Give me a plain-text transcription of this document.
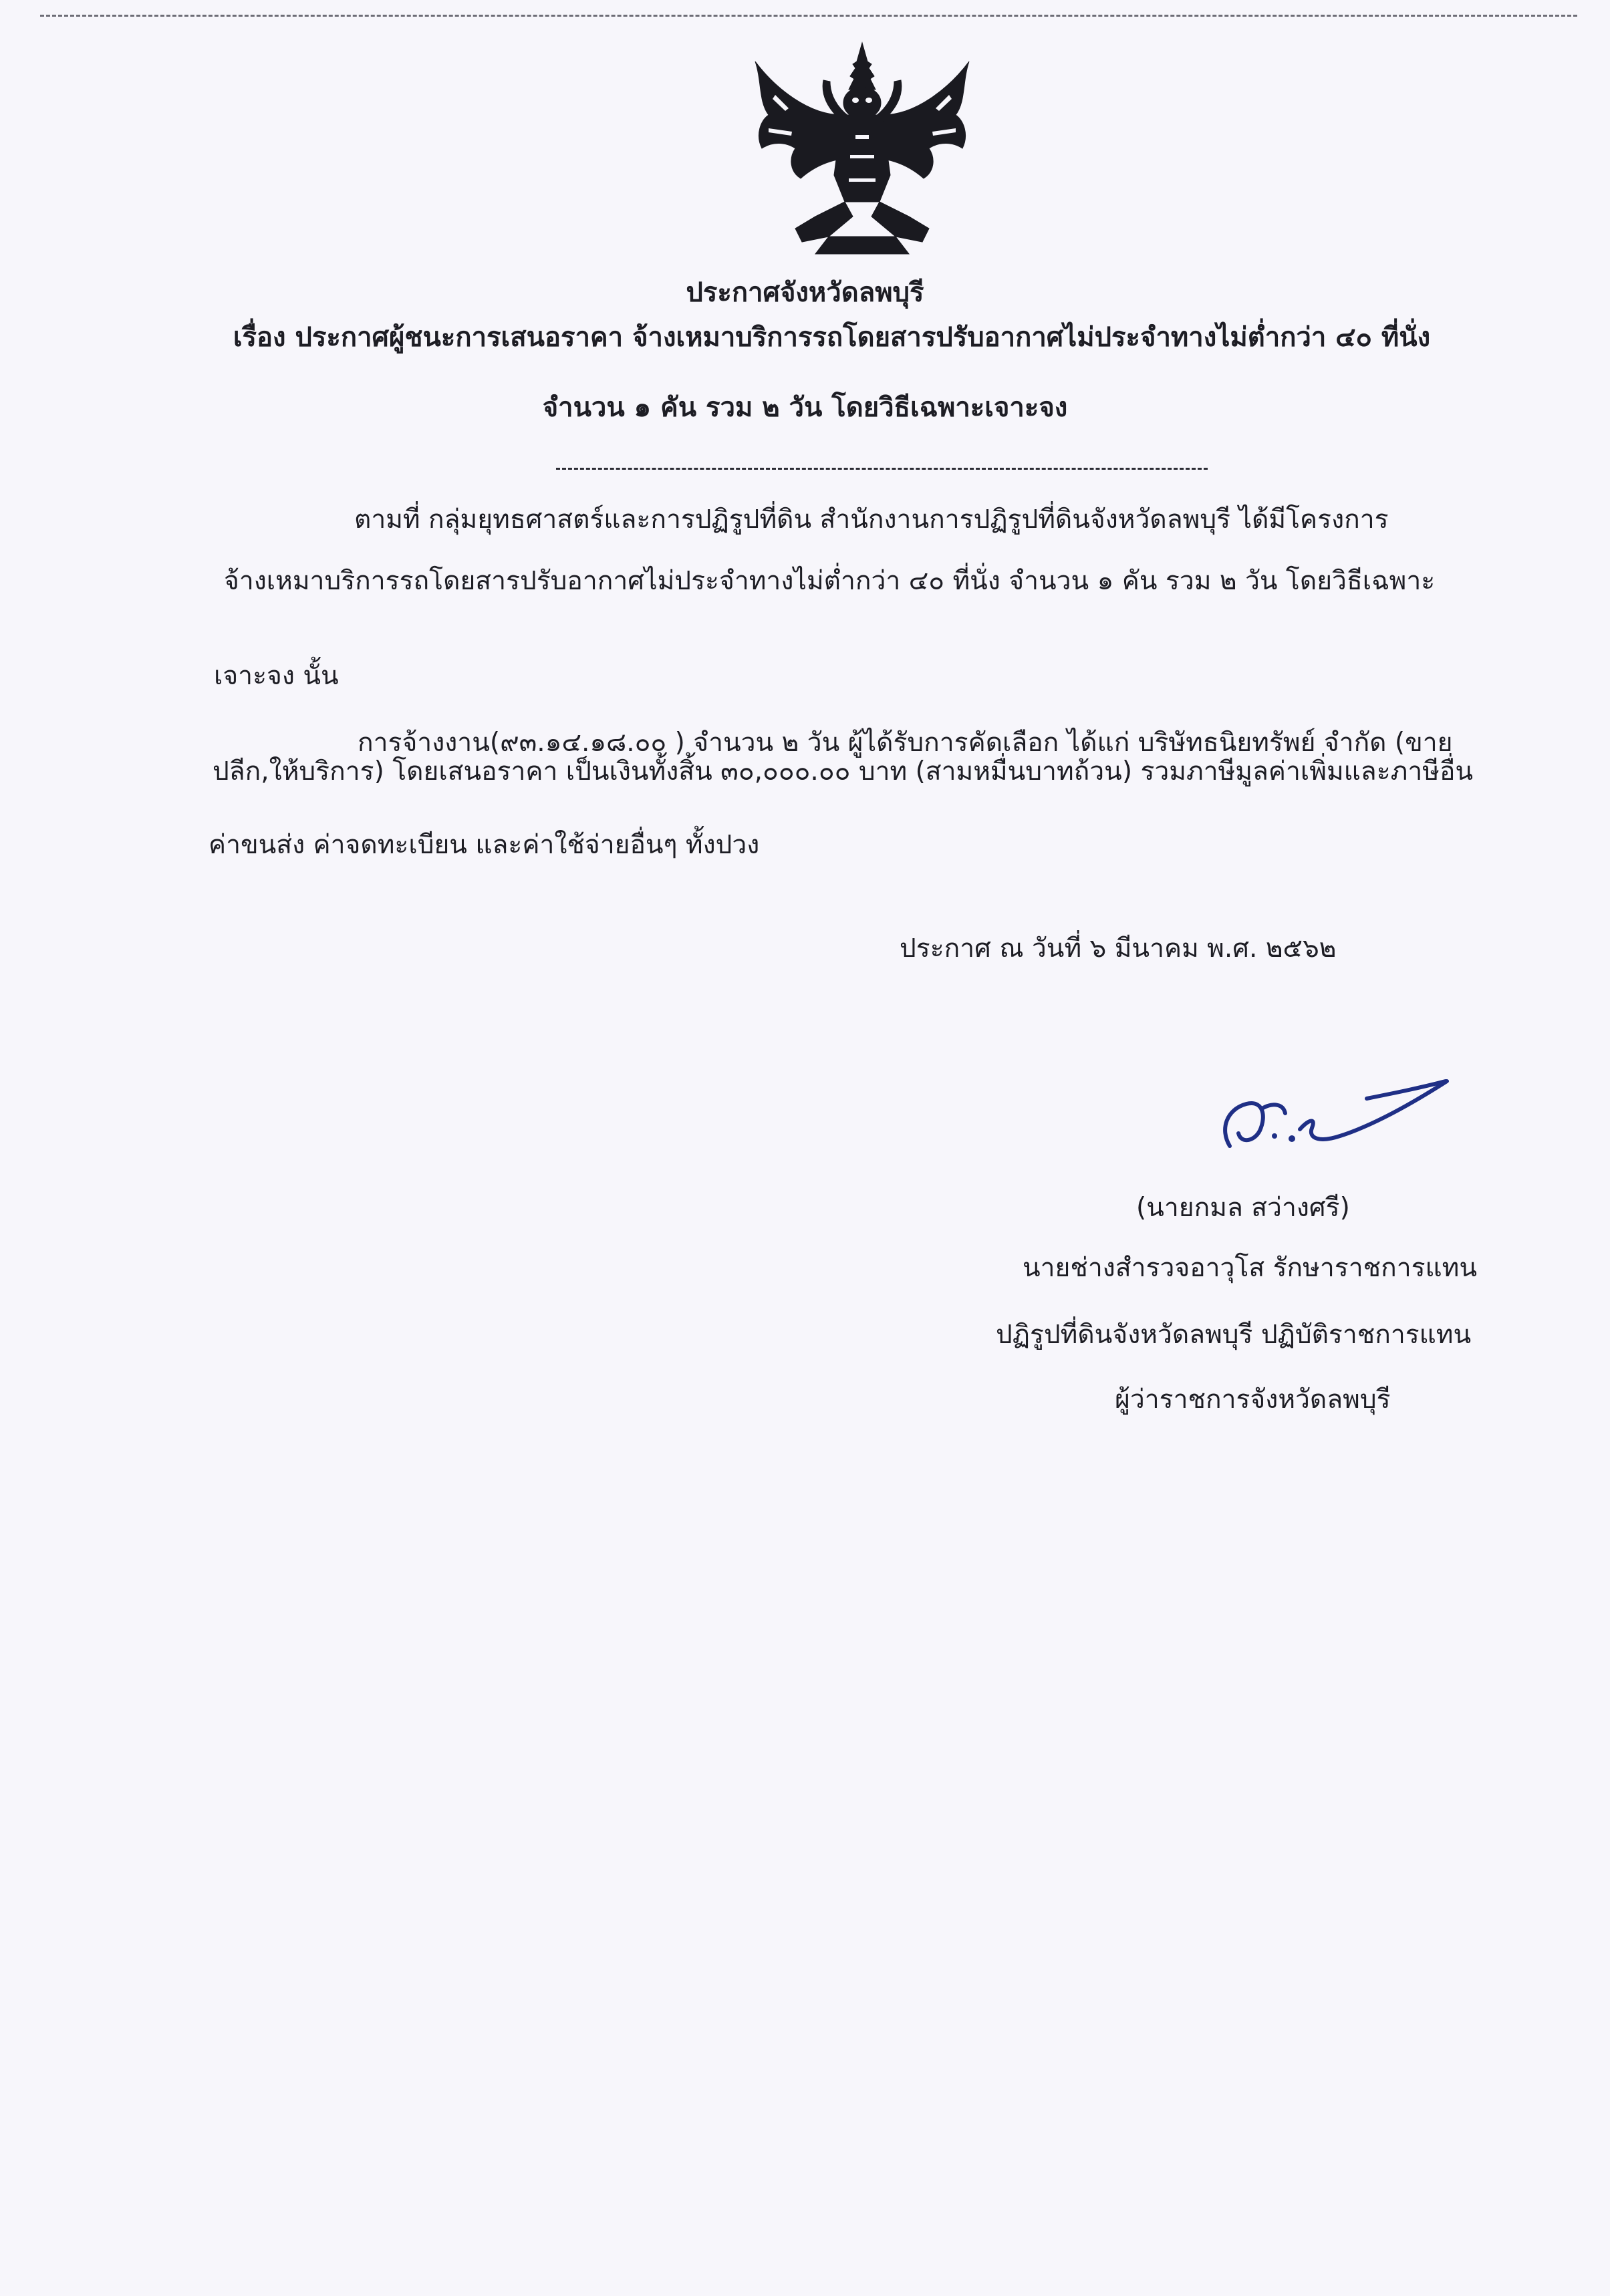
ประกาศจังหวัดลพบุรี
เรื่อง ประกาศผู้ชนะการเสนอราคา จ้างเหมาบริการรถโดยสารปรับอากาศไม่ประจำทางไม่ต่ำกว่า ๔๐ ที่นั่ง
จำนวน ๑ คัน รวม ๒ วัน โดยวิธีเฉพาะเจาะจง
ตามที่ กลุ่มยุทธศาสตร์และการปฏิรูปที่ดิน สำนักงานการปฏิรูปที่ดินจังหวัดลพบุรี ได้มีโครงการ
จ้างเหมาบริการรถโดยสารปรับอากาศไม่ประจำทางไม่ต่ำกว่า ๔๐ ที่นั่ง จำนวน ๑ คัน รวม ๒ วัน โดยวิธีเฉพาะ
เจาะจง นั้น
การจ้างงาน(๙๓.๑๔.๑๘.๐๐ ) จำนวน ๒ วัน ผู้ได้รับการคัดเลือก ได้แก่ บริษัทธนิยทรัพย์ จำกัด (ขาย
ปลีก,ให้บริการ) โดยเสนอราคา เป็นเงินทั้งสิ้น ๓๐,๐๐๐.๐๐ บาท (สามหมื่นบาทถ้วน) รวมภาษีมูลค่าเพิ่มและภาษีอื่น
ค่าขนส่ง ค่าจดทะเบียน และค่าใช้จ่ายอื่นๆ ทั้งปวง
ประกาศ ณ วันที่ ๖ มีนาคม พ.ศ. ๒๕๖๒
(นายกมล สว่างศรี)
นายช่างสำรวจอาวุโส รักษาราชการแทน
ปฏิรูปที่ดินจังหวัดลพบุรี ปฏิบัติราชการแทน
ผู้ว่าราชการจังหวัดลพบุรี
